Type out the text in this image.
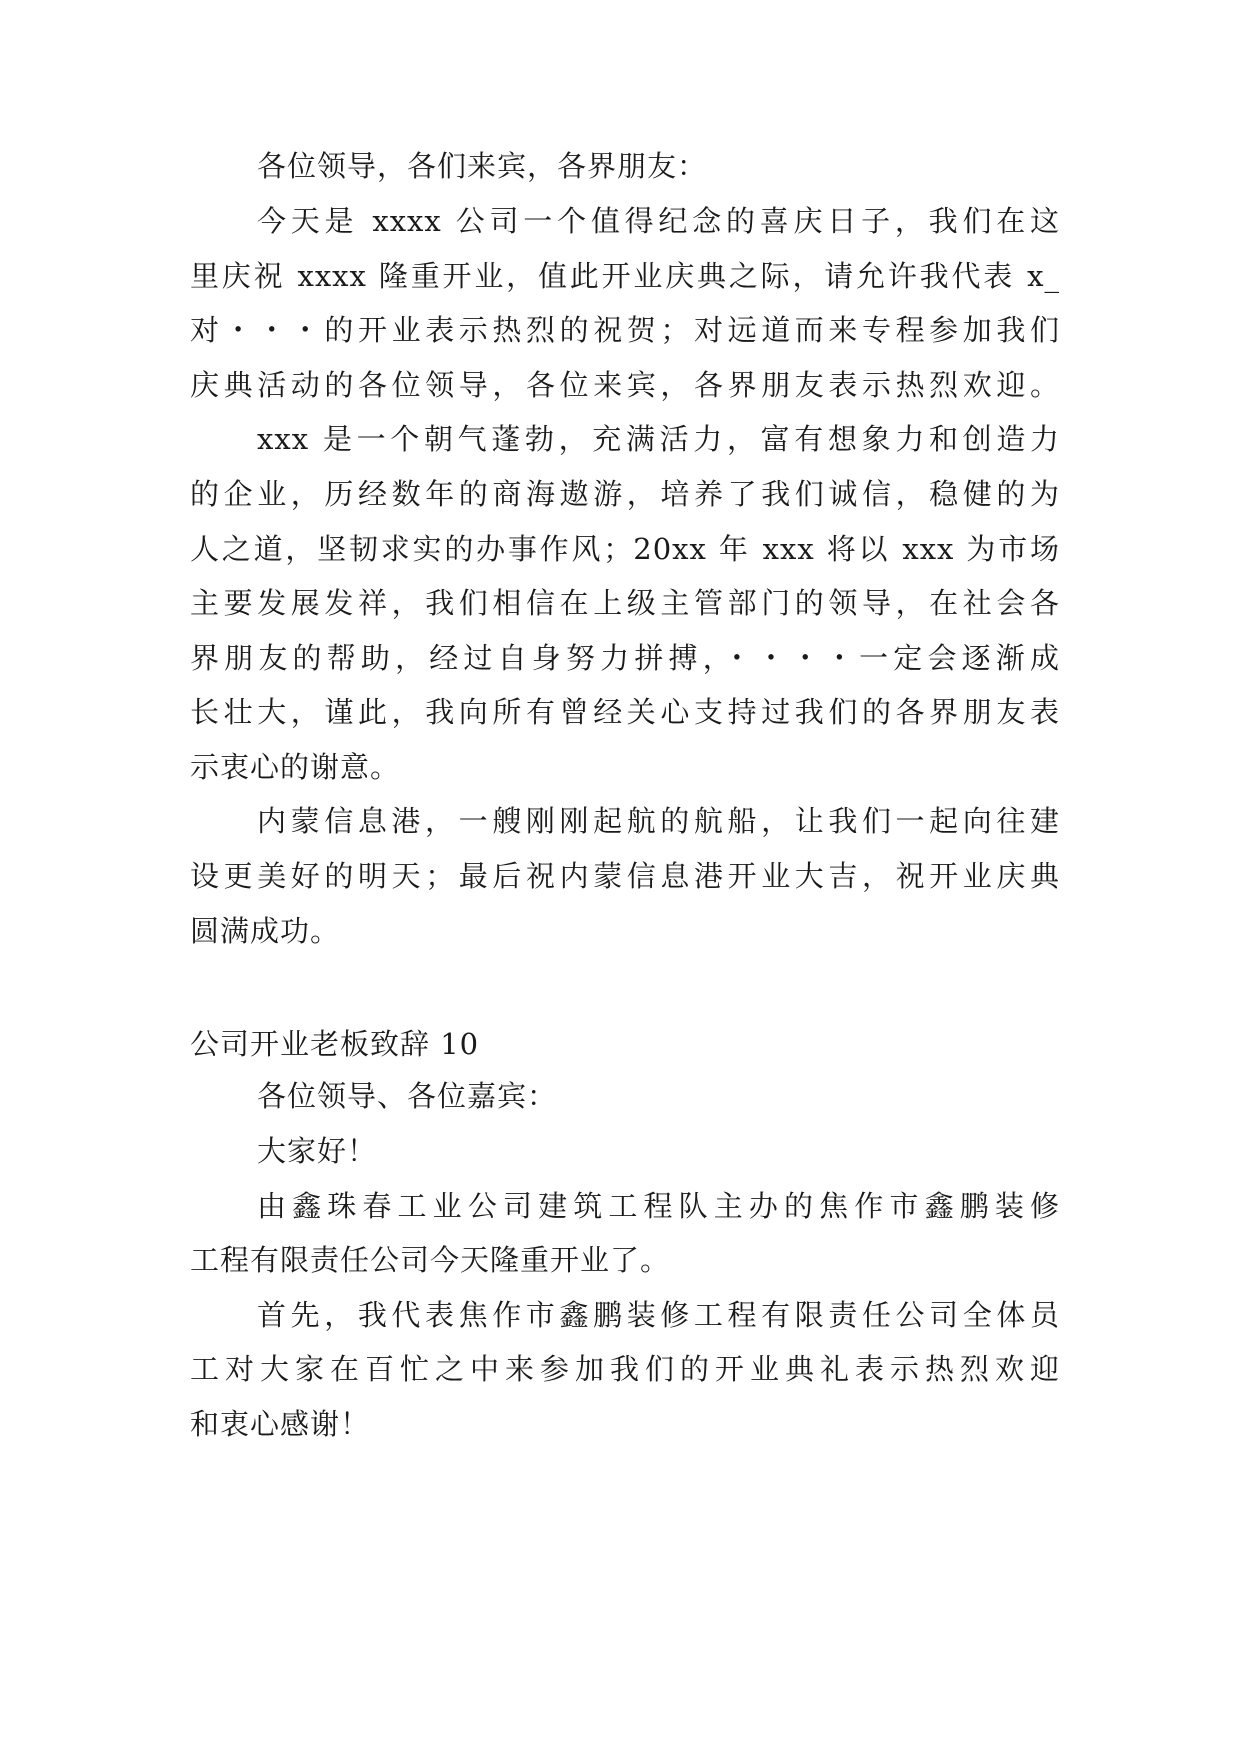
各位领导，各们来宾，各界朋友：
今天是 xxxx 公司一个值得纪念的喜庆日子，我们在这
里庆祝 xxxx 隆重开业，值此开业庆典之际，请允许我代表 x_
对・・・的开业表示热烈的祝贺；对远道而来专程参加我们
庆典活动的各位领导，各位来宾，各界朋友表示热烈欢迎。
xxx 是一个朝气蓬勃，充满活力，富有想象力和创造力
的企业，历经数年的商海遨游，培养了我们诚信，稳健的为
人之道，坚韧求实的办事作风；20xx 年 xxx 将以 xxx 为市场
主要发展发祥，我们相信在上级主管部门的领导，在社会各
界朋友的帮助，经过自身努力拼搏，・・・・一定会逐渐成
长壮大，谨此，我向所有曾经关心支持过我们的各界朋友表
示衷心的谢意。
内蒙信息港，一艘刚刚起航的航船，让我们一起向往建
设更美好的明天；最后祝内蒙信息港开业大吉，祝开业庆典
圆满成功。
公司开业老板致辞 10
各位领导、各位嘉宾：
大家好！
由鑫珠春工业公司建筑工程队主办的焦作市鑫鹏装修
工程有限责任公司今天隆重开业了。
首先，我代表焦作市鑫鹏装修工程有限责任公司全体员
工对大家在百忙之中来参加我们的开业典礼表示热烈欢迎
和衷心感谢！
